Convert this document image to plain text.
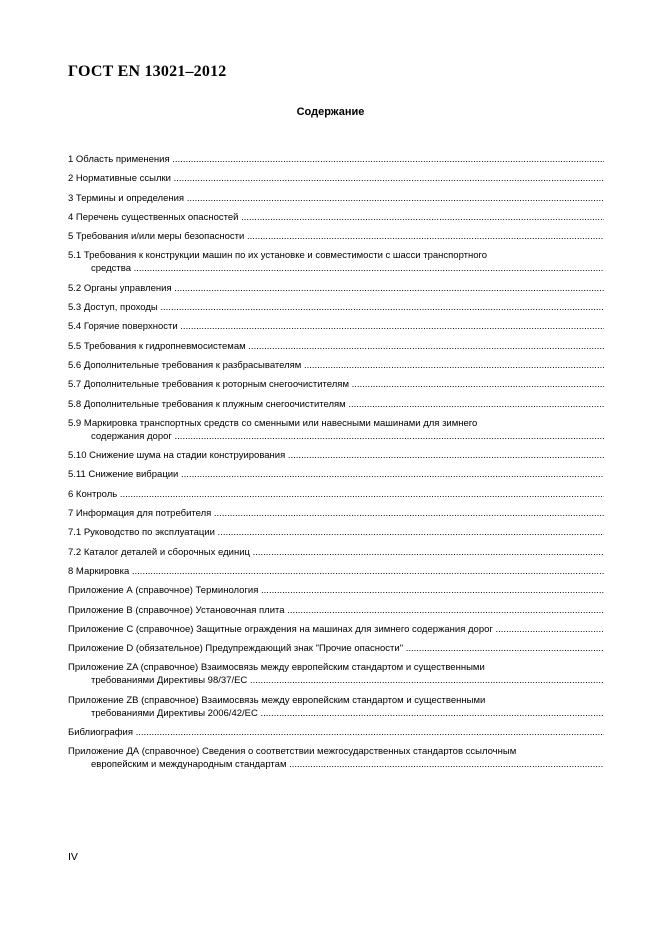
ГОСТ EN 13021–2012
Содержание
1 Область применения .....
2 Нормативные ссылки .....
3 Термины и определения .....
4 Перечень существенных опасностей .....
5 Требования и/или меры безопасности .....
5.1 Требования к конструкции машин по их установке и совместимости с шасси транспортного
средства .....
5.2 Органы управления .....
5.3 Доступ, проходы .....
5.4 Горячие поверхности .....
5.5 Требования к гидропневмосистемам .....
5.6 Дополнительные требования к разбрасывателям .....
5.7 Дополнительные требования к роторным снегоочистителям .....
5.8 Дополнительные требования к плужным снегоочистителям .....
5.9 Маркировка транспортных средств со сменными или навесными машинами для зимнего
содержания дорог .....
5.10 Снижение шума на стадии конструирования .....
5.11 Снижение вибрации .....
6 Контроль .....
7 Информация для потребителя .....
7.1 Руководство по эксплуатации .....
7.2 Каталог деталей и сборочных единиц .....
8 Маркировка .....
Приложение А (справочное) Терминология .....
Приложение B (справочное) Установочная плита .....
Приложение C (справочное) Защитные ограждения на машинах для зимнего содержания дорог .....
Приложение D (обязательное) Предупреждающий знак "Прочие опасности" .....
Приложение ZA (справочное) Взаимосвязь между европейским стандартом и существенными
требованиями Директивы 98/37/ЕС .....
Приложение ZB (справочное) Взаимосвязь между европейским стандартом и существенными
требованиями Директивы 2006/42/ЕС .....
Библиография .....
Приложение ДА (справочное) Сведения о соответствии межгосударственных стандартов ссылочным
европейским и международным стандартам .....
IV
